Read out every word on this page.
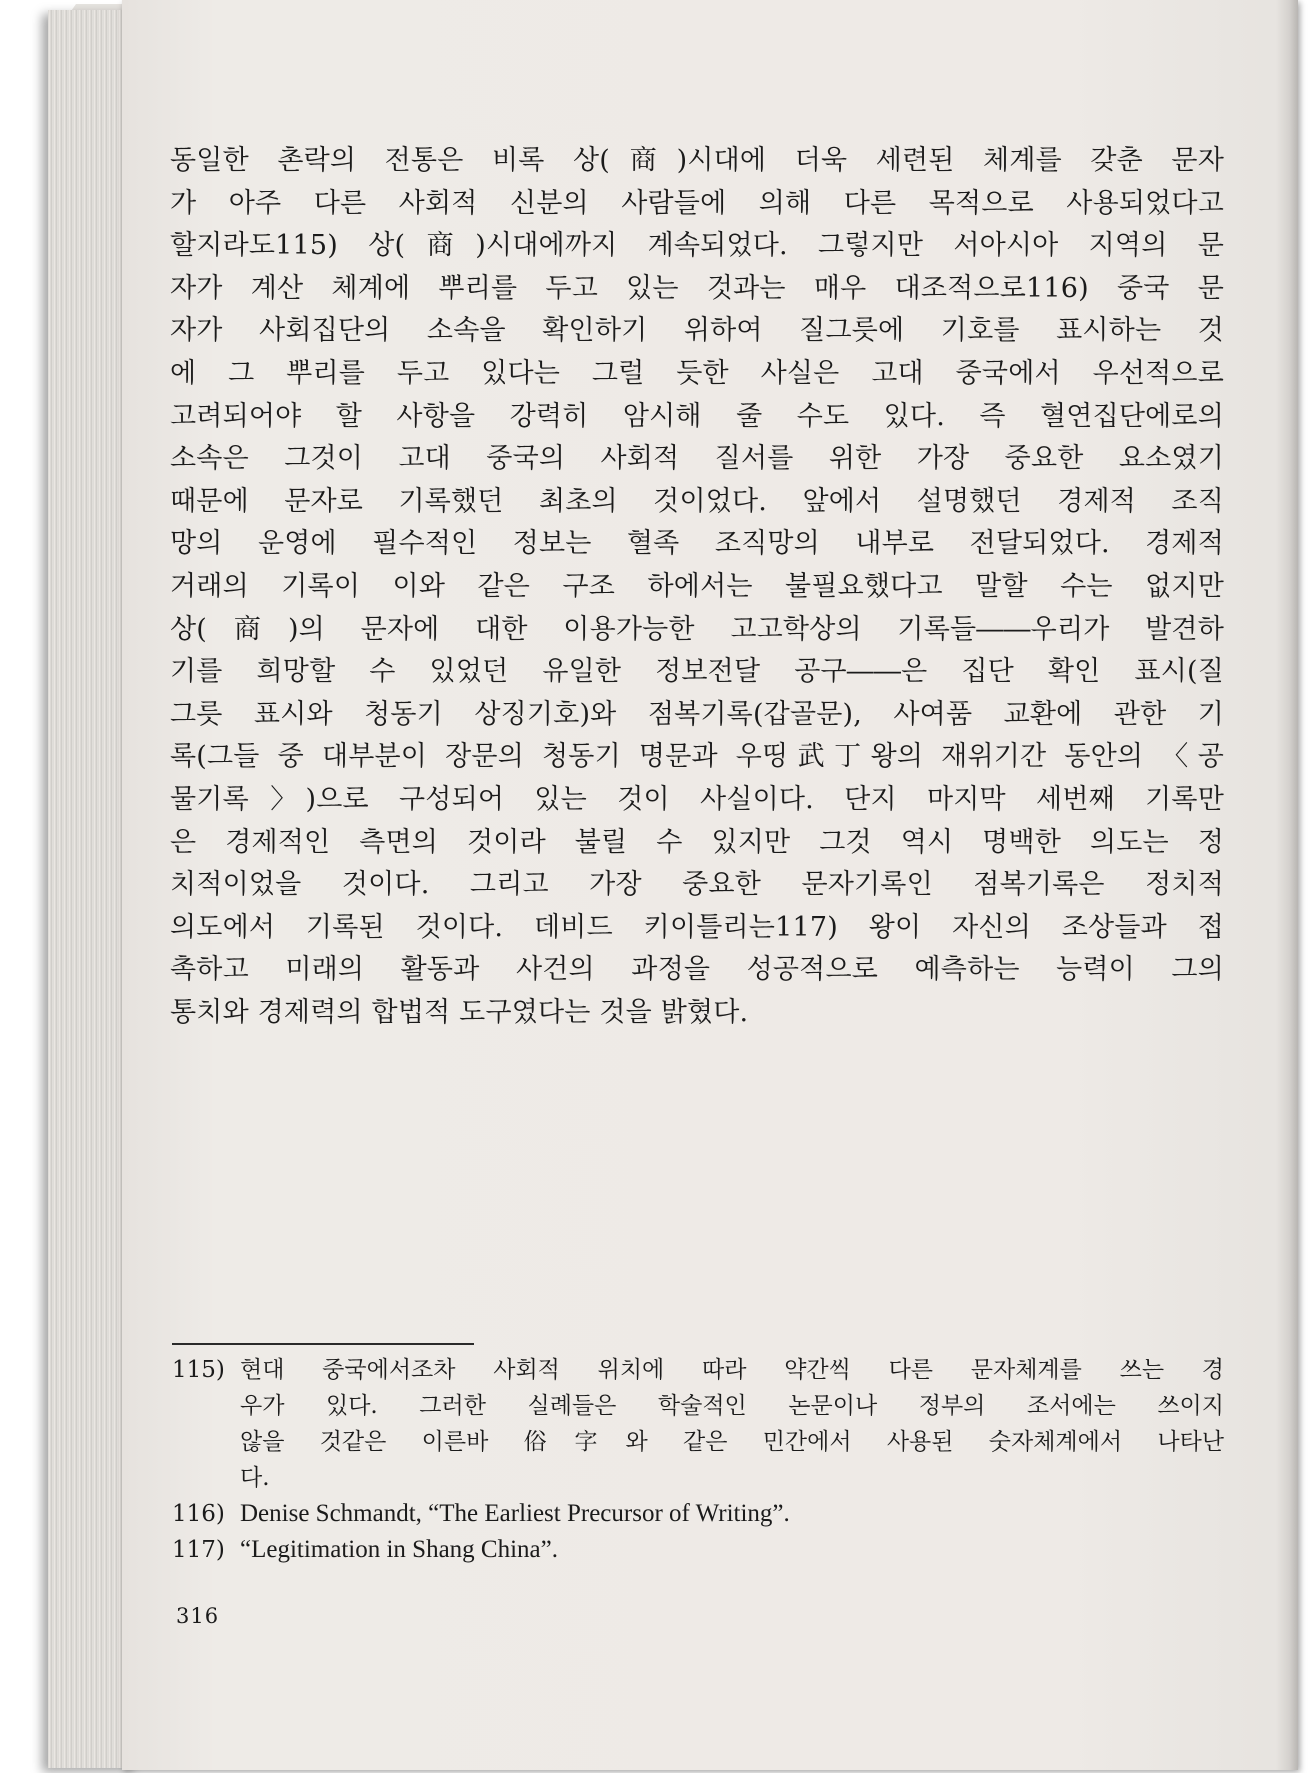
동일한 촌락의 전통은 비록 상(商)시대에 더욱 세련된 체계를 갖춘 문자
가 아주 다른 사회적 신분의 사람들에 의해 다른 목적으로 사용되었다고
할지라도115) 상(商)시대에까지 계속되었다. 그렇지만 서아시아 지역의 문
자가 계산 체계에 뿌리를 두고 있는 것과는 매우 대조적으로116) 중국 문
자가 사회집단의 소속을 확인하기 위하여 질그릇에 기호를 표시하는 것
에 그 뿌리를 두고 있다는 그럴 듯한 사실은 고대 중국에서 우선적으로
고려되어야 할 사항을 강력히 암시해 줄 수도 있다. 즉 혈연집단에로의
소속은 그것이 고대 중국의 사회적 질서를 위한 가장 중요한 요소였기
때문에 문자로 기록했던 최초의 것이었다. 앞에서 설명했던 경제적 조직
망의 운영에 필수적인 정보는 혈족 조직망의 내부로 전달되었다. 경제적
거래의 기록이 이와 같은 구조 하에서는 불필요했다고 말할 수는 없지만
상(商)의 문자에 대한 이용가능한 고고학상의 기록들――우리가 발견하
기를 희망할 수 있었던 유일한 정보전달 공구――은 집단 확인 표시(질
그릇 표시와 청동기 상징기호)와 점복기록(갑골문), 사여품 교환에 관한 기
록(그들 중 대부분이 장문의 청동기 명문과 우띵武丁왕의 재위기간 동안의 〈공
물기록〉)으로 구성되어 있는 것이 사실이다. 단지 마지막 세번째 기록만
은 경제적인 측면의 것이라 불릴 수 있지만 그것 역시 명백한 의도는 정
치적이었을 것이다. 그리고 가장 중요한 문자기록인 점복기록은 정치적
의도에서 기록된 것이다. 데비드 키이틀리는117) 왕이 자신의 조상들과 접
촉하고 미래의 활동과 사건의 과정을 성공적으로 예측하는 능력이 그의
통치와 경제력의 합법적 도구였다는 것을 밝혔다.
115) 현대 중국에서조차 사회적 위치에 따라 약간씩 다른 문자체계를 쓰는 경
우가 있다. 그러한 실례들은 학술적인 논문이나 정부의 조서에는 쓰이지
않을 것같은 이른바 俗字와 같은 민간에서 사용된 숫자체계에서 나타난
다.
116) Denise Schmandt, “The Earliest Precursor of Writing”.
117) “Legitimation in Shang China”.
316
